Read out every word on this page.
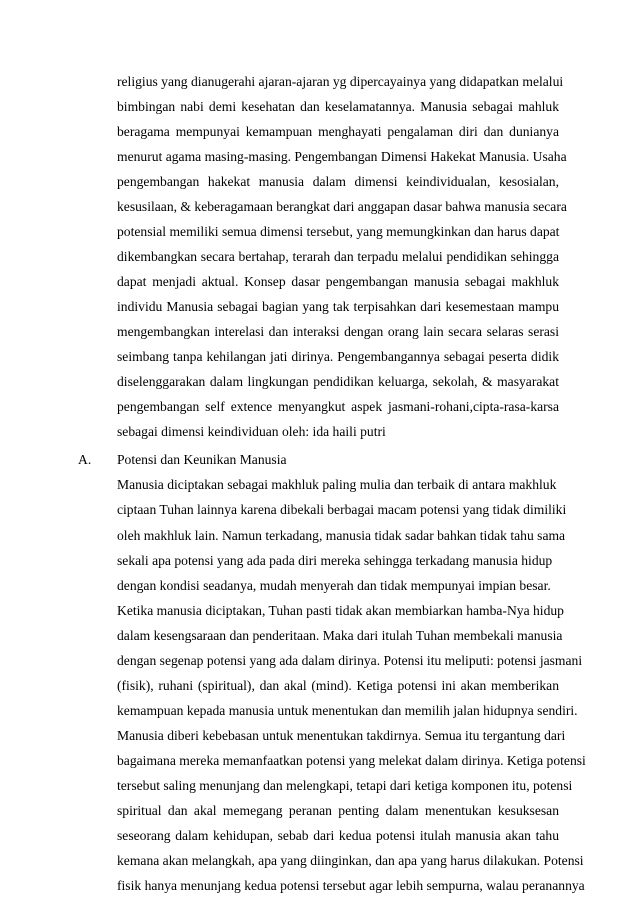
religius yang dianugerahi ajaran-ajaran yg dipercayainya yang didapatkan melalui
bimbingan nabi demi kesehatan dan keselamatannya. Manusia sebagai mahluk
beragama mempunyai kemampuan menghayati pengalaman diri dan dunianya
menurut agama masing-masing. Pengembangan Dimensi Hakekat Manusia. Usaha
pengembangan hakekat manusia dalam dimensi keindividualan, kesosialan,
kesusilaan, & keberagamaan berangkat dari anggapan dasar bahwa manusia secara
potensial memiliki semua dimensi tersebut, yang memungkinkan dan harus dapat
dikembangkan secara bertahap, terarah dan terpadu melalui pendidikan sehingga
dapat menjadi aktual. Konsep dasar pengembangan manusia sebagai makhluk
individu Manusia sebagai bagian yang tak terpisahkan dari kesemestaan mampu
mengembangkan interelasi dan interaksi dengan orang lain secara selaras serasi
seimbang tanpa kehilangan jati dirinya. Pengembangannya sebagai peserta didik
diselenggarakan dalam lingkungan pendidikan keluarga, sekolah, & masyarakat
pengembangan self extence menyangkut aspek jasmani-rohani,cipta-rasa-karsa
sebagai dimensi keindividuan oleh: ida haili putri
A. Potensi dan Keunikan Manusia
Manusia diciptakan sebagai makhluk paling mulia dan terbaik di antara makhluk
ciptaan Tuhan lainnya karena dibekali berbagai macam potensi yang tidak dimiliki
oleh makhluk lain. Namun terkadang, manusia tidak sadar bahkan tidak tahu sama
sekali apa potensi yang ada pada diri mereka sehingga terkadang manusia hidup
dengan kondisi seadanya, mudah menyerah dan tidak mempunyai impian besar.
Ketika manusia diciptakan, Tuhan pasti tidak akan membiarkan hamba-Nya hidup
dalam kesengsaraan dan penderitaan. Maka dari itulah Tuhan membekali manusia
dengan segenap potensi yang ada dalam dirinya. Potensi itu meliputi: potensi jasmani
(fisik), ruhani (spiritual), dan akal (mind). Ketiga potensi ini akan memberikan
kemampuan kepada manusia untuk menentukan dan memilih jalan hidupnya sendiri.
Manusia diberi kebebasan untuk menentukan takdirnya. Semua itu tergantung dari
bagaimana mereka memanfaatkan potensi yang melekat dalam dirinya. Ketiga potensi
tersebut saling menunjang dan melengkapi, tetapi dari ketiga komponen itu, potensi
spiritual dan akal memegang peranan penting dalam menentukan kesuksesan
seseorang dalam kehidupan, sebab dari kedua potensi itulah manusia akan tahu
kemana akan melangkah, apa yang diinginkan, dan apa yang harus dilakukan. Potensi
fisik hanya menunjang kedua potensi tersebut agar lebih sempurna, walau peranannya
